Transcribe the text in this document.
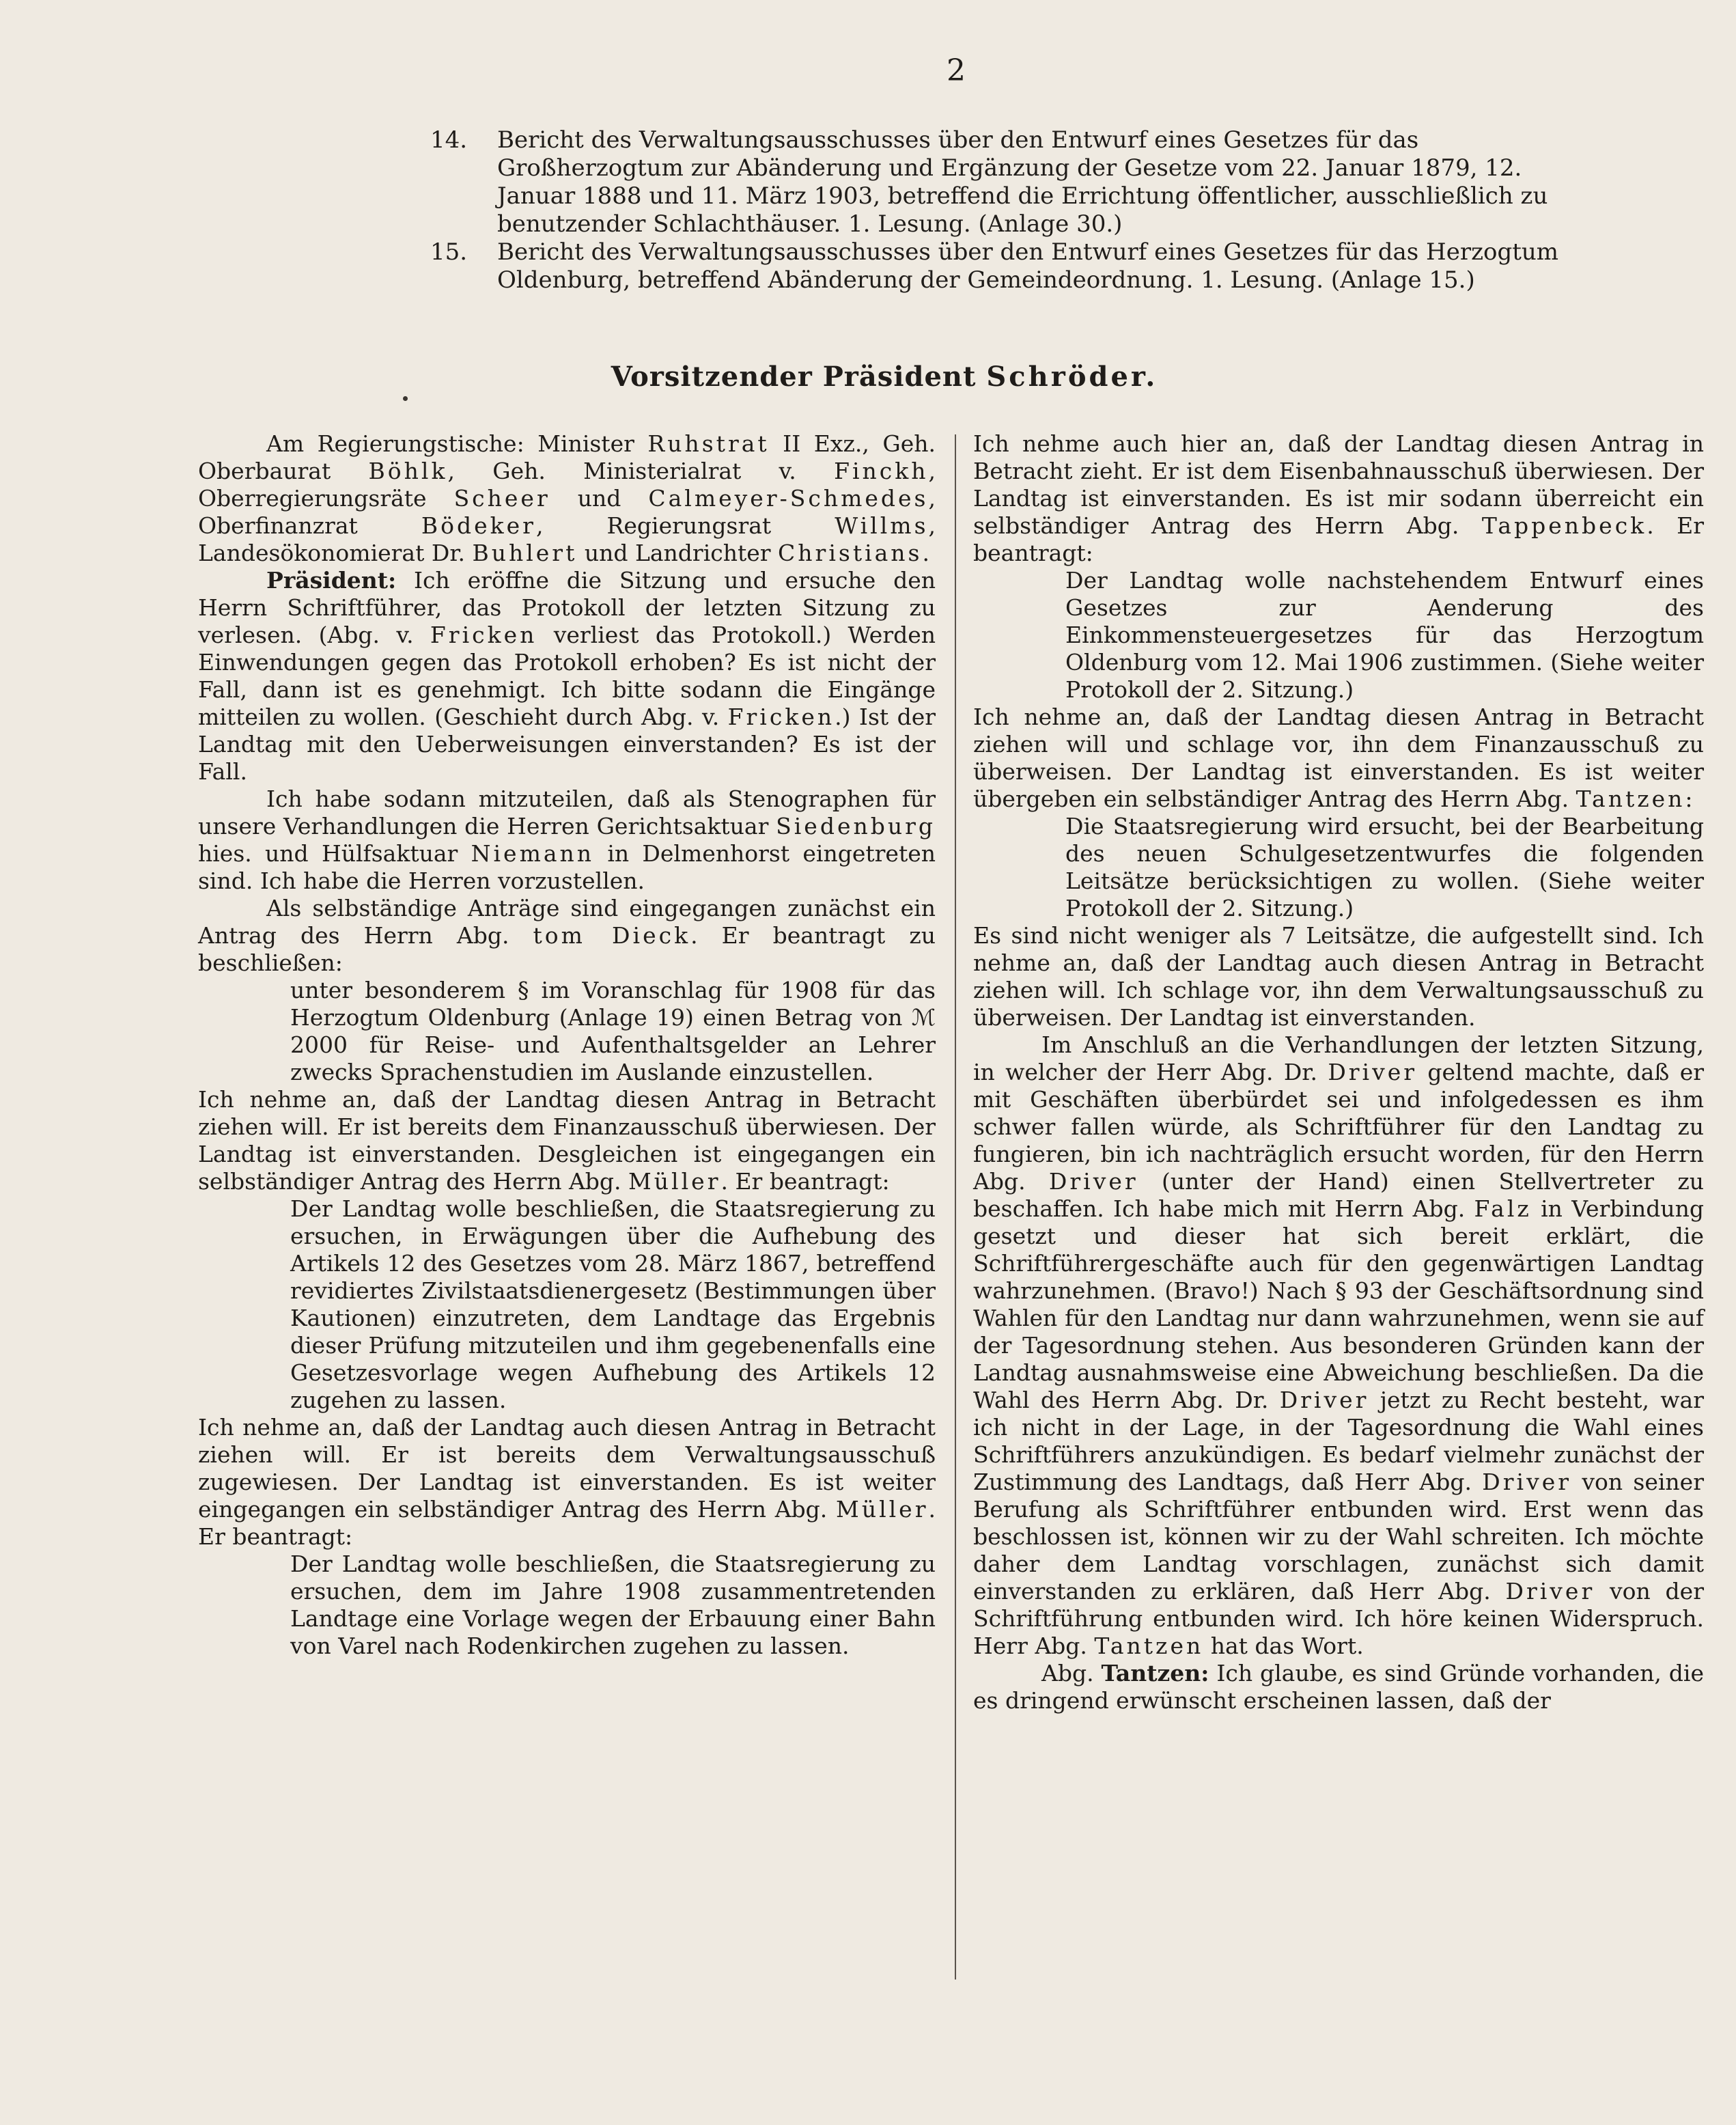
2

14.	Bericht des Verwaltungsausschusses über den Entwurf eines Gesetzes für das Großherzogtum zur Abänderung und Ergänzung der Gesetze vom 22. Januar 1879, 12. Januar 1888 und 11. März 1903, betreffend die Errichtung öffentlicher, ausschließlich zu benutzender Schlachthäuser. 1. Lesung. (Anlage 30.)

15.	Bericht des Verwaltungsausschusses über den Entwurf eines Gesetzes für das Herzogtum Oldenburg, betreffend Abänderung der Gemeindeordnung. 1. Lesung. (Anlage 15.)

Vorsitzender Präsident Schröder.

Am Regierungstische: Minister Ruhstrat II Exz., Geh. Oberbaurat Böhlk, Geh. Ministerialrat v. Finckh, Oberregierungsräte Scheer und Calmeyer-Schmedes, Oberfinanzrat Bödeker, Regierungsrat Willms, Landesökonomierat Dr. Buhlert und Landrichter Christians.

Präsident: Ich eröffne die Sitzung und ersuche den Herrn Schriftführer, das Protokoll der letzten Sitzung zu verlesen. (Abg. v. Fricken verliest das Protokoll.) Werden Einwendungen gegen das Protokoll erhoben? Es ist nicht der Fall, dann ist es genehmigt. Ich bitte sodann die Eingänge mitteilen zu wollen. (Geschieht durch Abg. v. Fricken.) Ist der Landtag mit den Ueberweisungen einverstanden? Es ist der Fall.

Ich habe sodann mitzuteilen, daß als Stenographen für unsere Verhandlungen die Herren Gerichtsaktuar Siedenburg hies. und Hülfsaktuar Niemann in Delmenhorst eingetreten sind. Ich habe die Herren vorzustellen.

Als selbständige Anträge sind eingegangen zunächst ein Antrag des Herrn Abg. tom Dieck. Er beantragt zu beschließen:

unter besonderem § im Voranschlag für 1908 für das Herzogtum Oldenburg (Anlage 19) einen Betrag von ℳ 2000 für Reise- und Aufenthaltsgelder an Lehrer zwecks Sprachenstudien im Auslande einzustellen.

Ich nehme an, daß der Landtag diesen Antrag in Betracht ziehen will. Er ist bereits dem Finanzausschuß überwiesen. Der Landtag ist einverstanden. Desgleichen ist eingegangen ein selbständiger Antrag des Herrn Abg. Müller. Er beantragt:

Der Landtag wolle beschließen, die Staatsregierung zu ersuchen, in Erwägungen über die Aufhebung des Artikels 12 des Gesetzes vom 28. März 1867, betreffend revidiertes Zivilstaatsdienergesetz (Bestimmungen über Kautionen) einzutreten, dem Landtage das Ergebnis dieser Prüfung mitzuteilen und ihm gegebenenfalls eine Gesetzesvorlage wegen Aufhebung des Artikels 12 zugehen zu lassen.

Ich nehme an, daß der Landtag auch diesen Antrag in Betracht ziehen will. Er ist bereits dem Verwaltungsausschuß zugewiesen. Der Landtag ist einverstanden. Es ist weiter eingegangen ein selbständiger Antrag des Herrn Abg. Müller. Er beantragt:

Der Landtag wolle beschließen, die Staatsregierung zu ersuchen, dem im Jahre 1908 zusammentretenden Landtage eine Vorlage wegen der Erbauung einer Bahn von Varel nach Rodenkirchen zugehen zu lassen.

Ich nehme auch hier an, daß der Landtag diesen Antrag in Betracht zieht. Er ist dem Eisenbahnausschuß überwiesen. Der Landtag ist einverstanden. Es ist mir sodann überreicht ein selbständiger Antrag des Herrn Abg. Tappenbeck. Er beantragt:

Der Landtag wolle nachstehendem Entwurf eines Gesetzes zur Aenderung des Einkommensteuergesetzes für das Herzogtum Oldenburg vom 12. Mai 1906 zustimmen. (Siehe weiter Protokoll der 2. Sitzung.)

Ich nehme an, daß der Landtag diesen Antrag in Betracht ziehen will und schlage vor, ihn dem Finanzausschuß zu überweisen. Der Landtag ist einverstanden. Es ist weiter übergeben ein selbständiger Antrag des Herrn Abg. Tantzen:

Die Staatsregierung wird ersucht, bei der Bearbeitung des neuen Schulgesetzentwurfes die folgenden Leitsätze berücksichtigen zu wollen. (Siehe weiter Protokoll der 2. Sitzung.)

Es sind nicht weniger als 7 Leitsätze, die aufgestellt sind. Ich nehme an, daß der Landtag auch diesen Antrag in Betracht ziehen will. Ich schlage vor, ihn dem Verwaltungsausschuß zu überweisen. Der Landtag ist einverstanden.

Im Anschluß an die Verhandlungen der letzten Sitzung, in welcher der Herr Abg. Dr. Driver geltend machte, daß er mit Geschäften überbürdet sei und infolgedessen es ihm schwer fallen würde, als Schriftführer für den Landtag zu fungieren, bin ich nachträglich ersucht worden, für den Herrn Abg. Driver (unter der Hand) einen Stellvertreter zu beschaffen. Ich habe mich mit Herrn Abg. Falz in Verbindung gesetzt und dieser hat sich bereit erklärt, die Schriftführergeschäfte auch für den gegenwärtigen Landtag wahrzunehmen. (Bravo!) Nach § 93 der Geschäftsordnung sind Wahlen für den Landtag nur dann wahrzunehmen, wenn sie auf der Tagesordnung stehen. Aus besonderen Gründen kann der Landtag ausnahmsweise eine Abweichung beschließen. Da die Wahl des Herrn Abg. Dr. Driver jetzt zu Recht besteht, war ich nicht in der Lage, in der Tagesordnung die Wahl eines Schriftführers anzukündigen. Es bedarf vielmehr zunächst der Zustimmung des Landtags, daß Herr Abg. Driver von seiner Berufung als Schriftführer entbunden wird. Erst wenn das beschlossen ist, können wir zu der Wahl schreiten. Ich möchte daher dem Landtag vorschlagen, zunächst sich damit einverstanden zu erklären, daß Herr Abg. Driver von der Schriftführung entbunden wird. Ich höre keinen Widerspruch. Herr Abg. Tantzen hat das Wort.

Abg. Tantzen: Ich glaube, es sind Gründe vorhanden, die es dringend erwünscht erscheinen lassen, daß der
